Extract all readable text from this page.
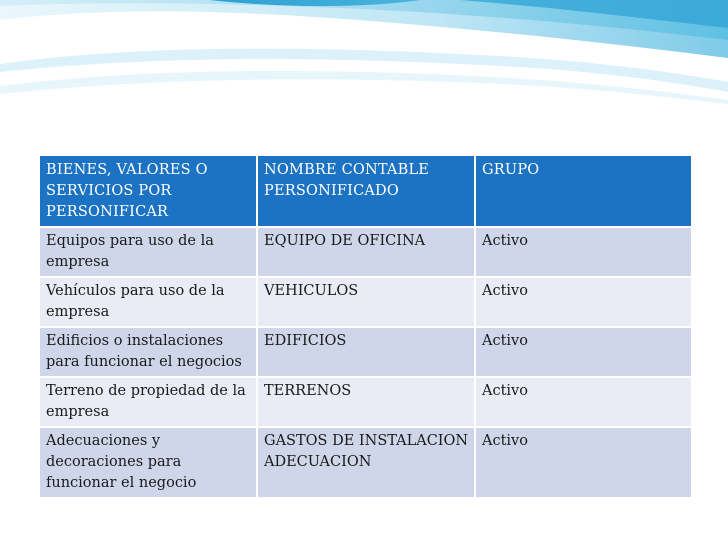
BIENES, VALORES O SERVICIOS POR PERSONIFICAR	NOMBRE CONTABLE PERSONIFICADO	GRUPO
Equipos para uso de la empresa	EQUIPO DE OFICINA	Activo
Vehículos para uso de la empresa	VEHICULOS	Activo
Edificios o instalaciones para funcionar el negocios	EDIFICIOS	Activo
Terreno de propiedad de la empresa	TERRENOS	Activo
Adecuaciones y decoraciones para funcionar el negocio	GASTOS DE INSTALACION ADECUACION	Activo
